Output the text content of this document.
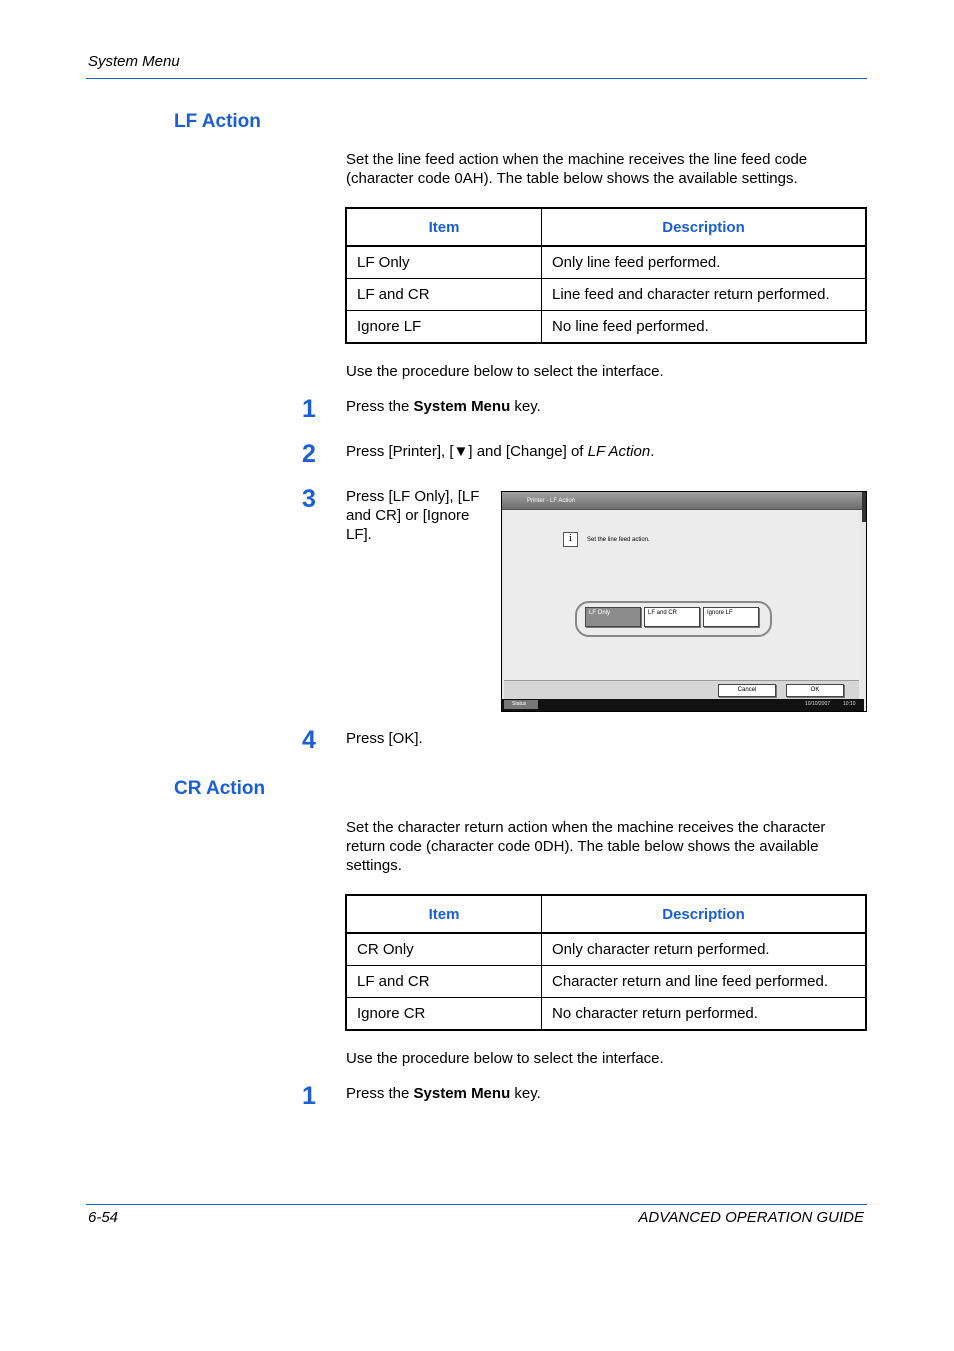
System Menu
LF Action
Set the line feed action when the machine receives the line feed code (character code 0AH). The table below shows the available settings.
Item	Description
LF Only	Only line feed performed.
LF and CR	Line feed and character return performed.
Ignore LF	No line feed performed.
Use the procedure below to select the interface.
1 Press the System Menu key.
2 Press [Printer], [▼] and [Change] of LF Action.
3 Press [LF Only], [LF and CR] or [Ignore LF].
Printer - LF Action
i	Set the line feed action.
LF Only	LF and CR	Ignore LF
Cancel	OK
Status	10/10/2007	10:10
4 Press [OK].
CR Action
Set the character return action when the machine receives the character return code (character code 0DH). The table below shows the available settings.
Item	Description
CR Only	Only character return performed.
LF and CR	Character return and line feed performed.
Ignore CR	No character return performed.
Use the procedure below to select the interface.
1 Press the System Menu key.
6-54	ADVANCED OPERATION GUIDE
